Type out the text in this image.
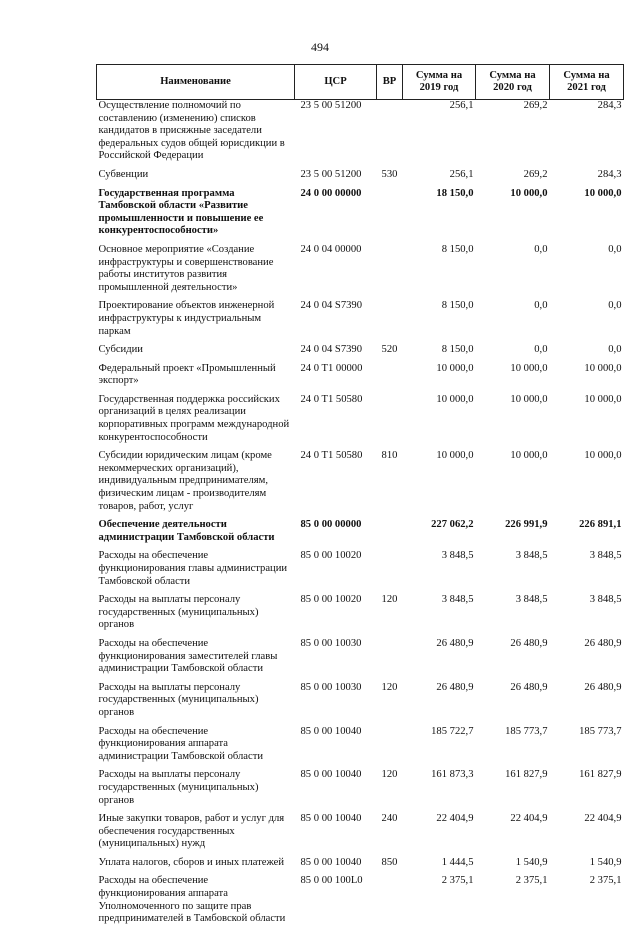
494
Наименование	ЦСР	ВР	Сумма на 2019 год	Сумма на 2020 год	Сумма на 2021 год
Осуществление полномочий по составлению (изменению) списков кандидатов в присяжные заседатели федеральных судов общей юрисдикции в Российской Федерации	23 5 00 51200		256,1	269,2	284,3
Субвенции	23 5 00 51200	530	256,1	269,2	284,3
Государственная программа Тамбовской области «Развитие промышленности и повышение ее конкурентоспособности»	24 0 00 00000		18 150,0	10 000,0	10 000,0
Основное мероприятие «Создание инфраструктуры и совершенствование работы институтов развития промышленной деятельности»	24 0 04 00000		8 150,0	0,0	0,0
Проектирование объектов инженерной инфраструктуры к индустриальным паркам	24 0 04 S7390		8 150,0	0,0	0,0
Субсидии	24 0 04 S7390	520	8 150,0	0,0	0,0
Федеральный проект «Промышленный экспорт»	24 0 T1 00000		10 000,0	10 000,0	10 000,0
Государственная поддержка российских организаций в целях реализации корпоративных программ международной конкурентоспособности	24 0 T1 50580		10 000,0	10 000,0	10 000,0
Субсидии юридическим лицам (кроме некоммерческих организаций), индивидуальным предпринимателям, физическим лицам - производителям товаров, работ, услуг	24 0 T1 50580	810	10 000,0	10 000,0	10 000,0
Обеспечение деятельности администрации Тамбовской области	85 0 00 00000		227 062,2	226 991,9	226 891,1
Расходы на обеспечение функционирования главы администрации Тамбовской области	85 0 00 10020		3 848,5	3 848,5	3 848,5
Расходы на выплаты персоналу государственных (муниципальных) органов	85 0 00 10020	120	3 848,5	3 848,5	3 848,5
Расходы на обеспечение функционирования заместителей главы администрации Тамбовской области	85 0 00 10030		26 480,9	26 480,9	26 480,9
Расходы на выплаты персоналу государственных (муниципальных) органов	85 0 00 10030	120	26 480,9	26 480,9	26 480,9
Расходы на обеспечение функционирования аппарата администрации Тамбовской области	85 0 00 10040		185 722,7	185 773,7	185 773,7
Расходы на выплаты персоналу государственных (муниципальных) органов	85 0 00 10040	120	161 873,3	161 827,9	161 827,9
Иные закупки товаров, работ и услуг для обеспечения государственных (муниципальных) нужд	85 0 00 10040	240	22 404,9	22 404,9	22 404,9
Уплата налогов, сборов и иных платежей	85 0 00 10040	850	1 444,5	1 540,9	1 540,9
Расходы на обеспечение функционирования аппарата Уполномоченного по защите прав предпринимателей в Тамбовской области	85 0 00 100L0		2 375,1	2 375,1	2 375,1
